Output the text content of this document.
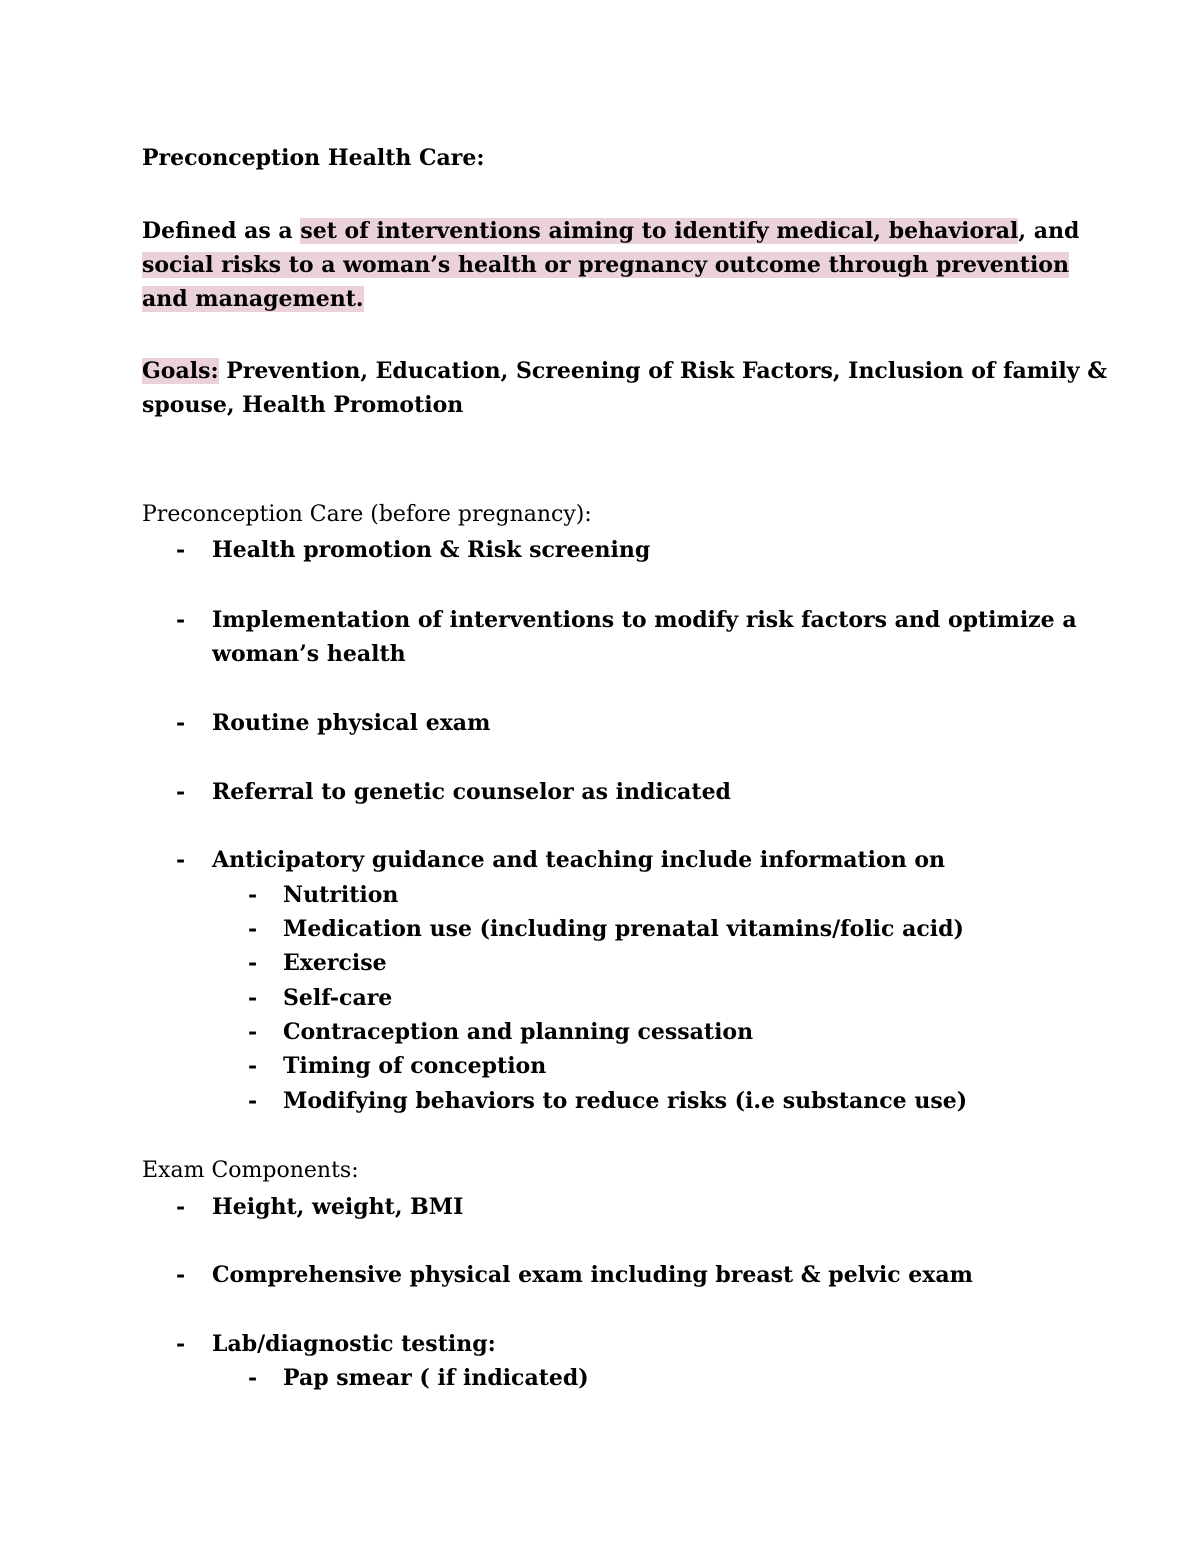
Preconception Health Care:
Defined as a set of interventions aiming to identify medical, behavioral, and
social risks to a woman’s health or pregnancy outcome through prevention
and management.
Goals: Prevention, Education, Screening of Risk Factors, Inclusion of family &
spouse, Health Promotion
Preconception Care (before pregnancy):
- Health promotion & Risk screening
- Implementation of interventions to modify risk factors and optimize a
woman’s health
- Routine physical exam
- Referral to genetic counselor as indicated
- Anticipatory guidance and teaching include information on
- Nutrition
- Medication use (including prenatal vitamins/folic acid)
- Exercise
- Self-care
- Contraception and planning cessation
- Timing of conception
- Modifying behaviors to reduce risks (i.e substance use)
Exam Components:
- Height, weight, BMI
- Comprehensive physical exam including breast & pelvic exam
- Lab/diagnostic testing:
- Pap smear ( if indicated)
